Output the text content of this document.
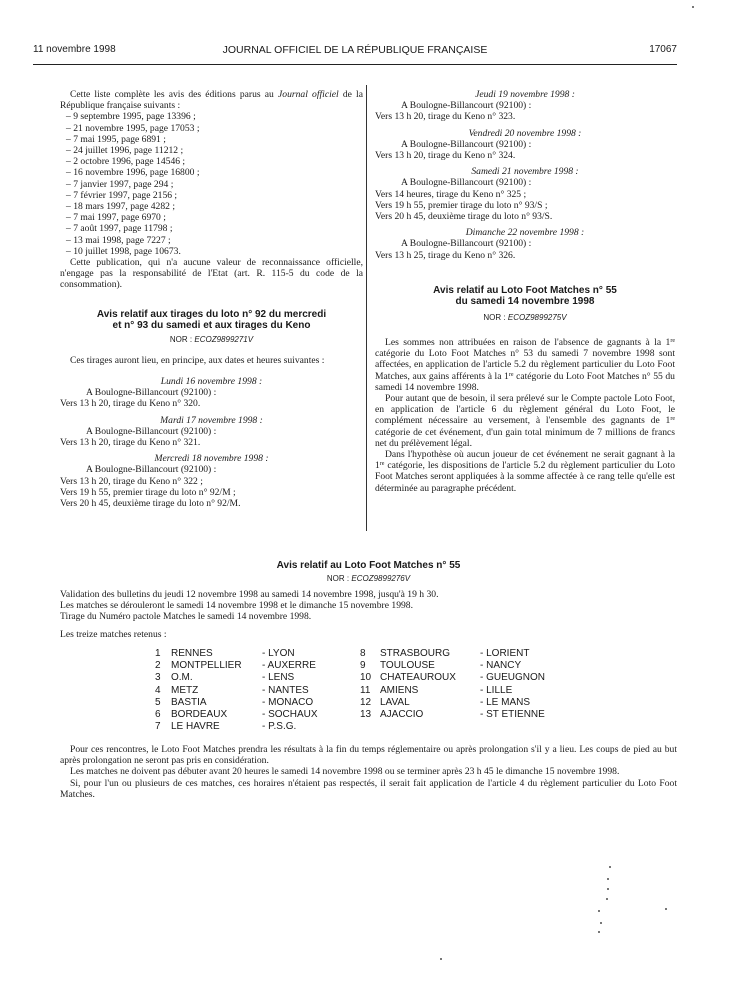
11 novembre 1998	JOURNAL OFFICIEL DE LA RÉPUBLIQUE FRANÇAISE	17067

Cette liste complète les avis des éditions parus au Journal officiel de la République française suivants :

– 9 septembre 1995, page 13396 ;
– 21 novembre 1995, page 17053 ;
– 7 mai 1995, page 6891 ;
– 24 juillet 1996, page 11212 ;
– 2 octobre 1996, page 14546 ;
– 16 novembre 1996, page 16800 ;
– 7 janvier 1997, page 294 ;
– 7 février 1997, page 2156 ;
– 18 mars 1997, page 4282 ;
– 7 mai 1997, page 6970 ;
– 7 août 1997, page 11798 ;
– 13 mai 1998, page 7227 ;
– 10 juillet 1998, page 10673.

Cette publication, qui n'a aucune valeur de reconnaissance officielle, n'engage pas la responsabilité de l'Etat (art. R. 115-5 du code de la consommation).

Avis relatif aux tirages du loto n° 92 du mercredi
et n° 93 du samedi et aux tirages du Keno

NOR : ECOZ9899271V

Ces tirages auront lieu, en principe, aux dates et heures suivantes :

Lundi 16 novembre 1998 :

A Boulogne-Billancourt (92100) :
Vers 13 h 20, tirage du Keno n° 320.

Mardi 17 novembre 1998 :

A Boulogne-Billancourt (92100) :
Vers 13 h 20, tirage du Keno n° 321.

Mercredi 18 novembre 1998 :

A Boulogne-Billancourt (92100) :
Vers 13 h 20, tirage du Keno n° 322 ;
Vers 19 h 55, premier tirage du loto n° 92/M ;
Vers 20 h 45, deuxième tirage du loto n° 92/M.

Jeudi 19 novembre 1998 :

A Boulogne-Billancourt (92100) :
Vers 13 h 20, tirage du Keno n° 323.

Vendredi 20 novembre 1998 :

A Boulogne-Billancourt (92100) :
Vers 13 h 20, tirage du Keno n° 324.

Samedi 21 novembre 1998 :

A Boulogne-Billancourt (92100) :
Vers 14 heures, tirage du Keno n° 325 ;
Vers 19 h 55, premier tirage du loto n° 93/S ;
Vers 20 h 45, deuxième tirage du loto n° 93/S.

Dimanche 22 novembre 1998 :

A Boulogne-Billancourt (92100) :
Vers 13 h 25, tirage du Keno n° 326.

Avis relatif au Loto Foot Matches n° 55
du samedi 14 novembre 1998

NOR : ECOZ9899275V

Les sommes non attribuées en raison de l'absence de gagnants à la 1re catégorie du Loto Foot Matches n° 53 du samedi 7 novembre 1998 sont affectées, en application de l'article 5.2 du règlement particulier du Loto Foot Matches, aux gains afférents à la 1re catégorie du Loto Foot Matches n° 55 du samedi 14 novembre 1998.

Pour autant que de besoin, il sera prélevé sur le Compte pactole Loto Foot, en application de l'article 6 du règlement général du Loto Foot, le complément nécessaire au versement, à l'ensemble des gagnants de 1re catégorie de cet événement, d'un gain total minimum de 7 millions de francs net du prélèvement légal.

Dans l'hypothèse où aucun joueur de cet événement ne serait gagnant à la 1re catégorie, les dispositions de l'article 5.2 du règlement particulier du Loto Foot Matches seront appliquées à la somme affectée à ce rang telle qu'elle est déterminée au paragraphe précédent.

Avis relatif au Loto Foot Matches n° 55

NOR : ECOZ9899276V
Validation des bulletins du jeudi 12 novembre 1998 au samedi 14 novembre 1998, jusqu'à 19 h 30.
Les matches se dérouleront le samedi 14 novembre 1998 et le dimanche 15 novembre 1998.
Tirage du Numéro pactole Matches le samedi 14 novembre 1998.
Les treize matches retenus :
1 RENNES	- LYON	8 STRASBOURG	- LORIENT
2 MONTPELLIER - AUXERRE	9 TOULOUSE	- NANCY
3 O.M.	- LENS	10 CHATEAUROUX - GUEUGNON
4 METZ	- NANTES	11 AMIENS	- LILLE
5 BASTIA	- MONACO	12 LAVAL	- LE MANS
6 BORDEAUX	- SOCHAUX	13 AJACCIO	- ST ETIENNE
7 LE HAVRE	- P.S.G.

Pour ces rencontres, le Loto Foot Matches prendra les résultats à la fin du temps réglementaire ou après prolongation s'il y a lieu. Les coups de pied au but après prolongation ne seront pas pris en considération.

Les matches ne doivent pas débuter avant 20 heures le samedi 14 novembre 1998 ou se terminer après 23 h 45 le dimanche 15 novembre 1998.

Si, pour l'un ou plusieurs de ces matches, ces horaires n'étaient pas respectés, il serait fait application de l'article 4 du règlement particulier du Loto Foot Matches.
